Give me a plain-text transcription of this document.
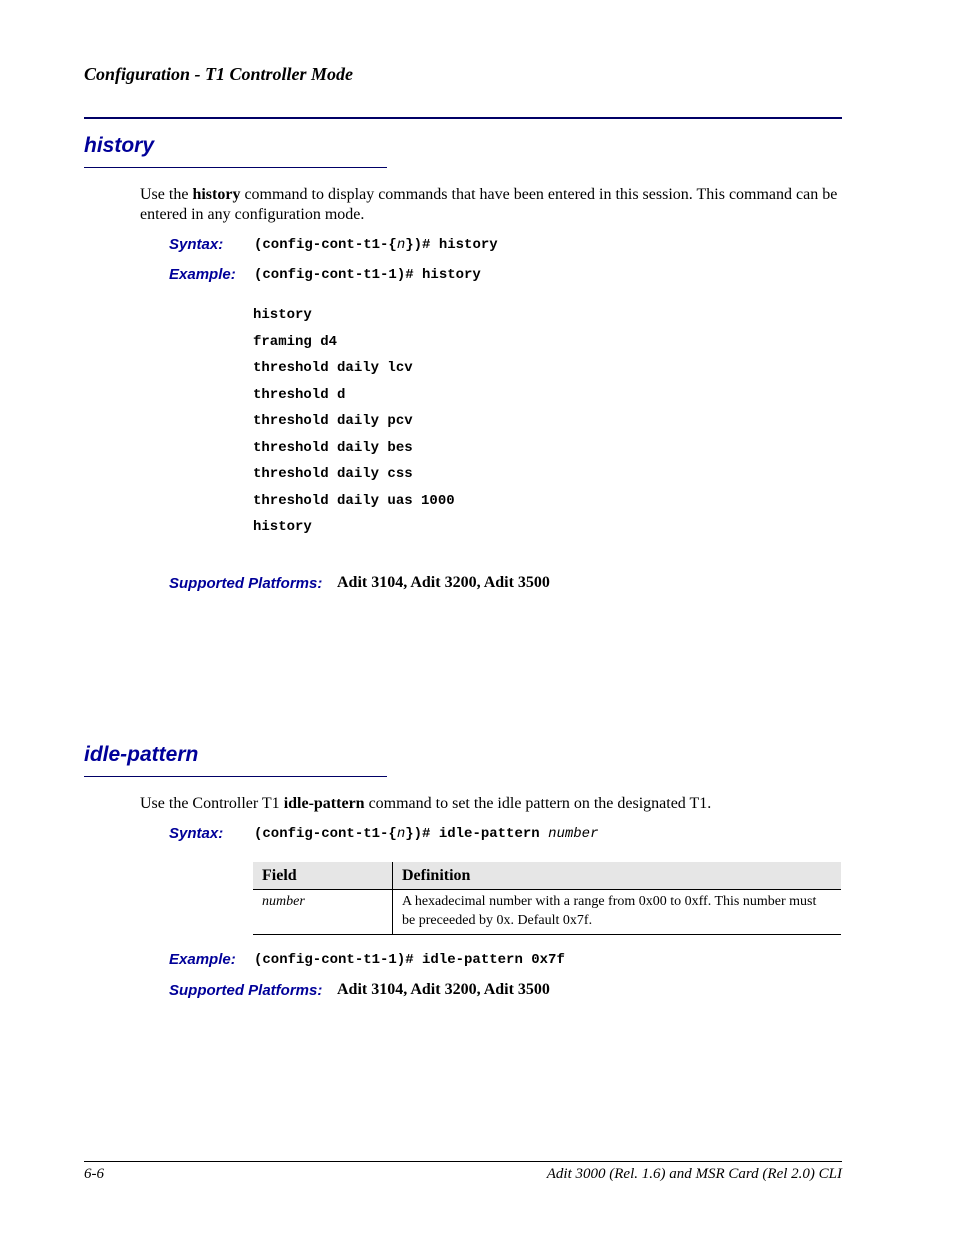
Configuration - T1 Controller Mode
history
Use the history command to display commands that have been entered in this session. This command can be entered in any configuration mode.
Syntax: (config-cont-t1-{n})# history
Example: (config-cont-t1-1)# history
history
framing d4
threshold daily lcv
threshold d
threshold daily pcv
threshold daily bes
threshold daily css
threshold daily uas 1000
history
Supported Platforms: Adit 3104, Adit 3200, Adit 3500
idle-pattern
Use the Controller T1 idle-pattern command to set the idle pattern on the designated T1.
Syntax: (config-cont-t1-{n})# idle-pattern number
Field	Definition
number	A hexadecimal number with a range from 0x00 to 0xff. This number must be preceeded by 0x. Default 0x7f.
Example: (config-cont-t1-1)# idle-pattern 0x7f
Supported Platforms: Adit 3104, Adit 3200, Adit 3500
6-6	Adit 3000 (Rel. 1.6) and MSR Card (Rel 2.0) CLI
